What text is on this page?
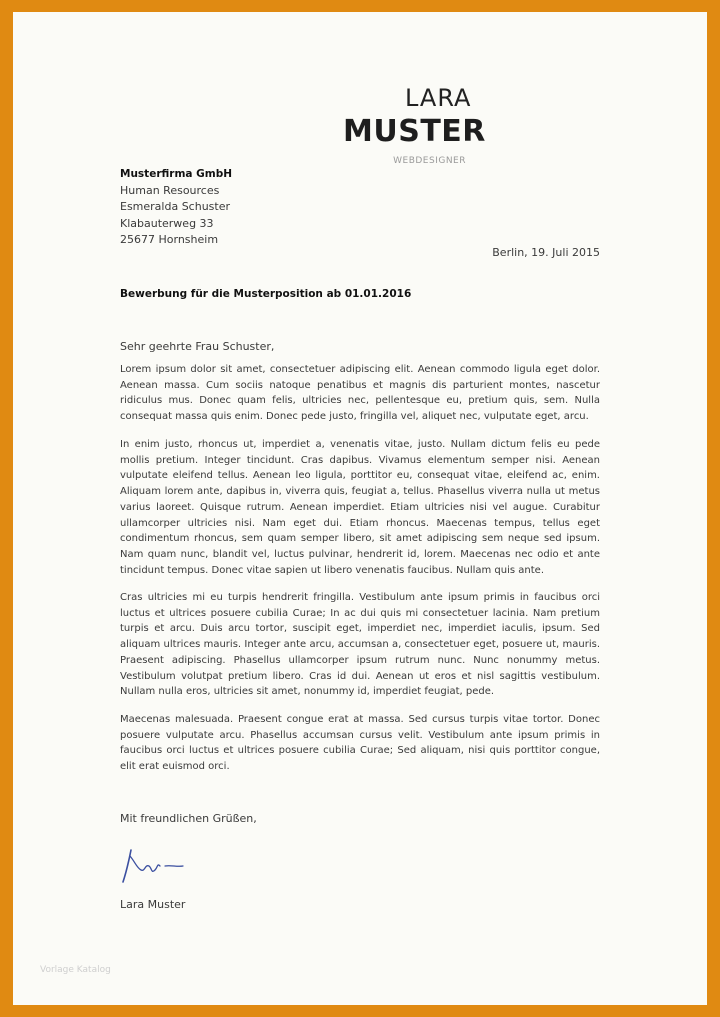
LARA
MUSTER
WEBDESIGNER
Musterfirma GmbH
Human Resources
Esmeralda Schuster
Klabauterweg 33
25677 Hornsheim
Berlin, 19. Juli 2015
Bewerbung für die Musterposition ab 01.01.2016
Sehr geehrte Frau Schuster,
Lorem ipsum dolor sit amet, consectetuer adipiscing elit. Aenean commodo ligula eget dolor. Aenean massa. Cum sociis natoque penatibus et magnis dis parturient montes, nascetur ridiculus mus. Donec quam felis, ultricies nec, pellentesque eu, pretium quis, sem. Nulla consequat massa quis enim. Donec pede justo, fringilla vel, aliquet nec, vulputate eget, arcu.
In enim justo, rhoncus ut, imperdiet a, venenatis vitae, justo. Nullam dictum felis eu pede mollis pretium. Integer tincidunt. Cras dapibus. Vivamus elementum semper nisi. Aenean vulputate eleifend tellus. Aenean leo ligula, porttitor eu, consequat vitae, eleifend ac, enim. Aliquam lorem ante, dapibus in, viverra quis, feugiat a, tellus. Phasellus viverra nulla ut metus varius laoreet. Quisque rutrum. Aenean imperdiet. Etiam ultricies nisi vel augue. Curabitur ullamcorper ultricies nisi. Nam eget dui. Etiam rhoncus. Maecenas tempus, tellus eget condimentum rhoncus, sem quam semper libero, sit amet adipiscing sem neque sed ipsum. Nam quam nunc, blandit vel, luctus pulvinar, hendrerit id, lorem. Maecenas nec odio et ante tincidunt tempus. Donec vitae sapien ut libero venenatis faucibus. Nullam quis ante.
Cras ultricies mi eu turpis hendrerit fringilla. Vestibulum ante ipsum primis in faucibus orci luctus et ultrices posuere cubilia Curae; In ac dui quis mi consectetuer lacinia. Nam pretium turpis et arcu. Duis arcu tortor, suscipit eget, imperdiet nec, imperdiet iaculis, ipsum. Sed aliquam ultrices mauris. Integer ante arcu, accumsan a, consectetuer eget, posuere ut, mauris. Praesent adipiscing. Phasellus ullamcorper ipsum rutrum nunc. Nunc nonummy metus. Vestibulum volutpat pretium libero. Cras id dui. Aenean ut eros et nisl sagittis vestibulum. Nullam nulla eros, ultricies sit amet, nonummy id, imperdiet feugiat, pede.
Maecenas malesuada. Praesent congue erat at massa. Sed cursus turpis vitae tortor. Donec posuere vulputate arcu. Phasellus accumsan cursus velit. Vestibulum ante ipsum primis in faucibus orci luctus et ultrices posuere cubilia Curae; Sed aliquam, nisi quis porttitor congue, elit erat euismod orci.
Mit freundlichen Grüßen,
Lara Muster
Vorlage Katalog
